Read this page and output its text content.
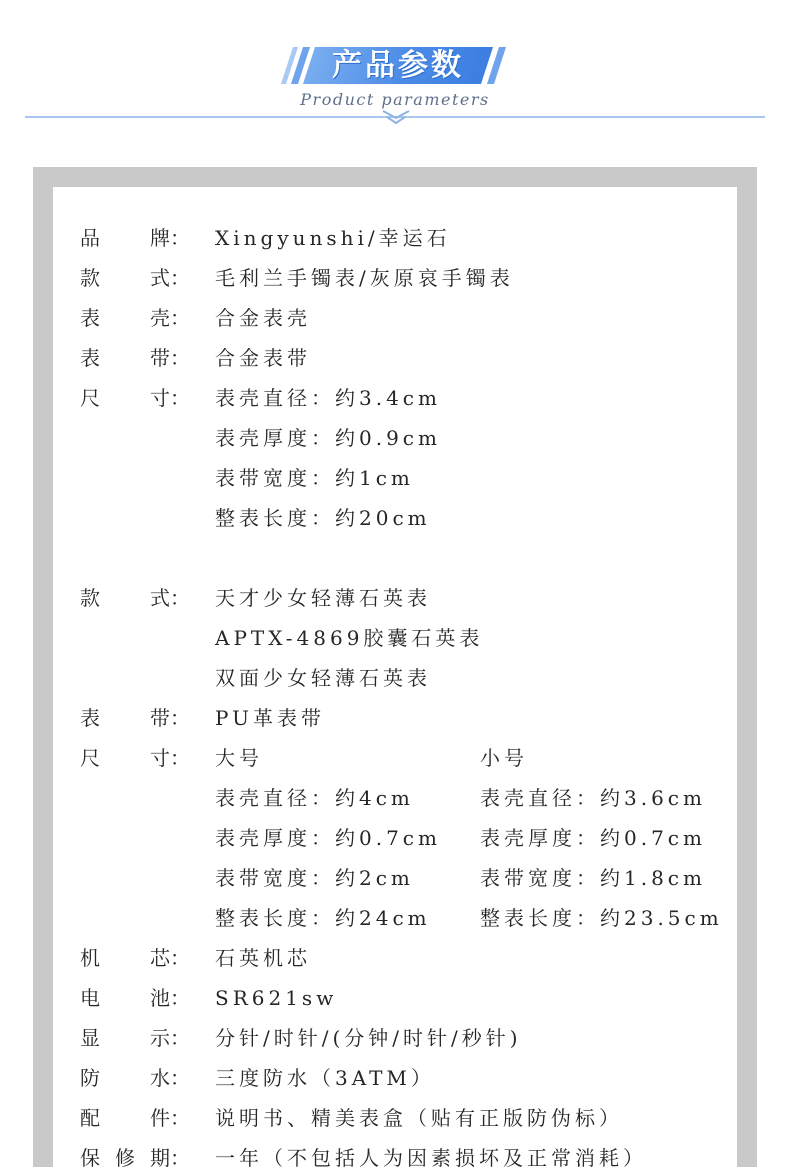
产品参数
Product parameters
品牌 ：	Xingyunshi/幸运石
款式 ：	毛利兰手镯表/灰原哀手镯表
表壳 ：	合金表壳
表带 ：	合金表带
尺寸 ：	表壳直径：约3.4cm
表壳厚度：约0.9cm
表带宽度：约1cm
整表长度：约20cm
款式 ：	天才少女轻薄石英表
APTX-4869胶囊石英表
双面少女轻薄石英表
表带 ：	PU革表带
尺寸 ：	大号	小号
表壳直径：约4cm	表壳直径：约3.6cm
表壳厚度：约0.7cm	表壳厚度：约0.7cm
表带宽度：约2cm	表带宽度：约1.8cm
整表长度：约24cm	整表长度：约23.5cm
机芯 ：	石英机芯
电池 ：	SR621sw
显示 ：	分针/时针/(分钟/时针/秒针)
防水 ：	三度防水（3ATM）
配件 ：	说明书、精美表盒（贴有正版防伪标）
保修期 ：	一年（不包括人为因素损坏及正常消耗）
